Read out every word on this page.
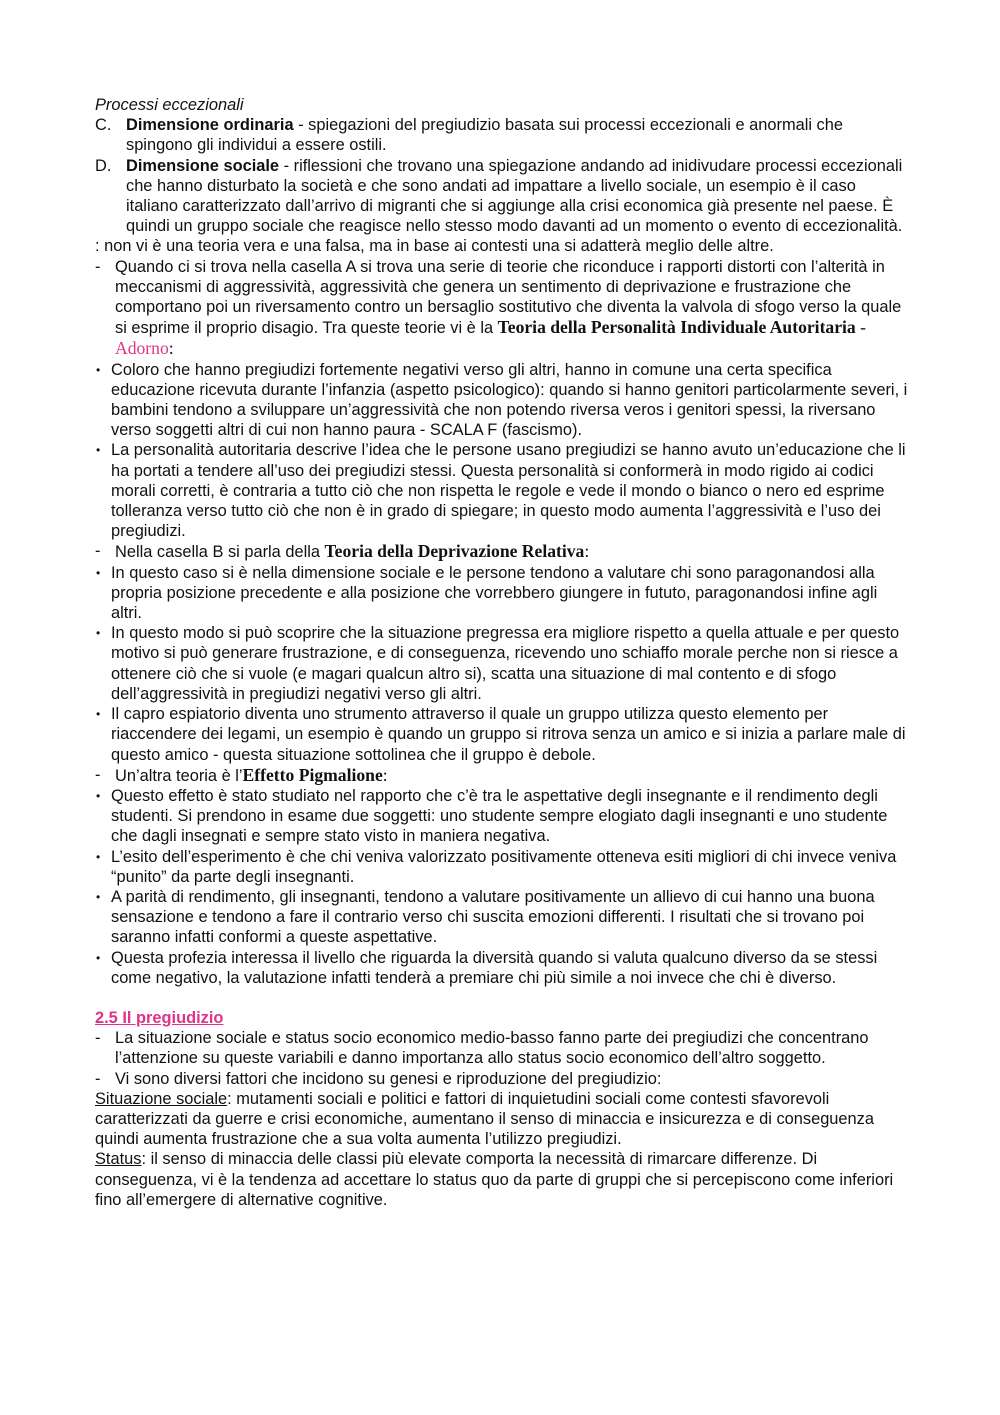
Processi eccezionali

C. Dimensione ordinaria - spiegazioni del pregiudizio basata sui processi eccezionali e anormali che spingono gli individui a essere ostili.

D. Dimensione sociale - riflessioni che trovano una spiegazione andando ad inidivudare processi eccezionali che hanno disturbato la società e che sono andati ad impattare a livello sociale, un esempio è il caso italiano caratterizzato dall’arrivo di migranti che si aggiunge alla crisi economica già presente nel paese. È quindi un gruppo sociale che reagisce nello stesso modo davanti ad un momento o evento di eccezionalità.

: non vi è una teoria vera e una falsa, ma in base ai contesti una si adatterà meglio delle altre.

- Quando ci si trova nella casella A si trova una serie di teorie che riconduce i rapporti distorti con l’alterità in meccanismi di aggressività, aggressività che genera un sentimento di deprivazione e frustrazione che comportano poi un riversamento contro un bersaglio sostitutivo che diventa la valvola di sfogo verso la quale si esprime il proprio disagio. Tra queste teorie vi è la Teoria della Personalità Individuale Autoritaria - Adorno:

• Coloro che hanno pregiudizi fortemente negativi verso gli altri, hanno in comune una certa specifica educazione ricevuta durante l’infanzia (aspetto psicologico): quando si hanno genitori particolarmente severi, i bambini tendono a sviluppare un’aggressività che non potendo riversa veros i genitori spessi, la riversano verso soggetti altri di cui non hanno paura - SCALA F (fascismo).

• La personalità autoritaria descrive l’idea che le persone usano pregiudizi se hanno avuto un’educazione che li ha portati a tendere all’uso dei pregiudizi stessi. Questa personalità si conformerà in modo rigido ai codici morali corretti, è contraria a tutto ciò che non rispetta le regole e vede il mondo o bianco o nero ed esprime tolleranza verso tutto ciò che non è in grado di spiegare; in questo modo aumenta l’aggressività e l’uso dei pregiudizi.

- Nella casella B si parla della Teoria della Deprivazione Relativa:

• In questo caso si è nella dimensione sociale e le persone tendono a valutare chi sono paragonandosi alla propria posizione precedente e alla posizione che vorrebbero giungere in fututo, paragonandosi infine agli altri.

• In questo modo si può scoprire che la situazione pregressa era migliore rispetto a quella attuale e per questo motivo si può generare frustrazione, e di conseguenza, ricevendo uno schiaffo morale perche non si riesce a ottenere ciò che si vuole (e magari qualcun altro si), scatta una situazione di mal contento e di sfogo dell’aggressività in pregiudizi negativi verso gli altri.

• Il capro espiatorio diventa uno strumento attraverso il quale un gruppo utilizza questo elemento per riaccendere dei legami, un esempio è quando un gruppo si ritrova senza un amico e si inizia a parlare male di questo amico - questa situazione sottolinea che il gruppo è debole.

- Un’altra teoria è l’Effetto Pigmalione:

• Questo effetto è stato studiato nel rapporto che c’è tra le aspettative degli insegnante e il rendimento degli studenti. Si prendono in esame due soggetti: uno studente sempre elogiato dagli insegnanti e uno studente che dagli insegnati e sempre stato visto in maniera negativa.

• L’esito dell’esperimento è che chi veniva valorizzato positivamente otteneva esiti migliori di chi invece veniva “punito” da parte degli insegnanti.

• A parità di rendimento, gli insegnanti, tendono a valutare positivamente un allievo di cui hanno una buona sensazione e tendono a fare il contrario verso chi suscita emozioni differenti. I risultati che si trovano poi saranno infatti conformi a queste aspettative.

• Questa profezia interessa il livello che riguarda la diversità quando si valuta qualcuno diverso da se stessi come negativo, la valutazione infatti tenderà a premiare chi più simile a noi invece che chi è diverso.

2.5 Il pregiudizio

- La situazione sociale e status socio economico medio-basso fanno parte dei pregiudizi che concentrano l’attenzione su queste variabili e danno importanza allo status socio economico dell’altro soggetto.

- Vi sono diversi fattori che incidono su genesi e riproduzione del pregiudizio:

Situazione sociale: mutamenti sociali e politici e fattori di inquietudini sociali come contesti sfavorevoli caratterizzati da guerre e crisi economiche, aumentano il senso di minaccia e insicurezza e di conseguenza quindi aumenta frustrazione che a sua volta aumenta l’utilizzo pregiudizi.

Status: il senso di minaccia delle classi più elevate comporta la necessità di rimarcare differenze. Di conseguenza, vi è la tendenza ad accettare lo status quo da parte di gruppi che si percepiscono come inferiori fino all’emergere di alternative cognitive.
